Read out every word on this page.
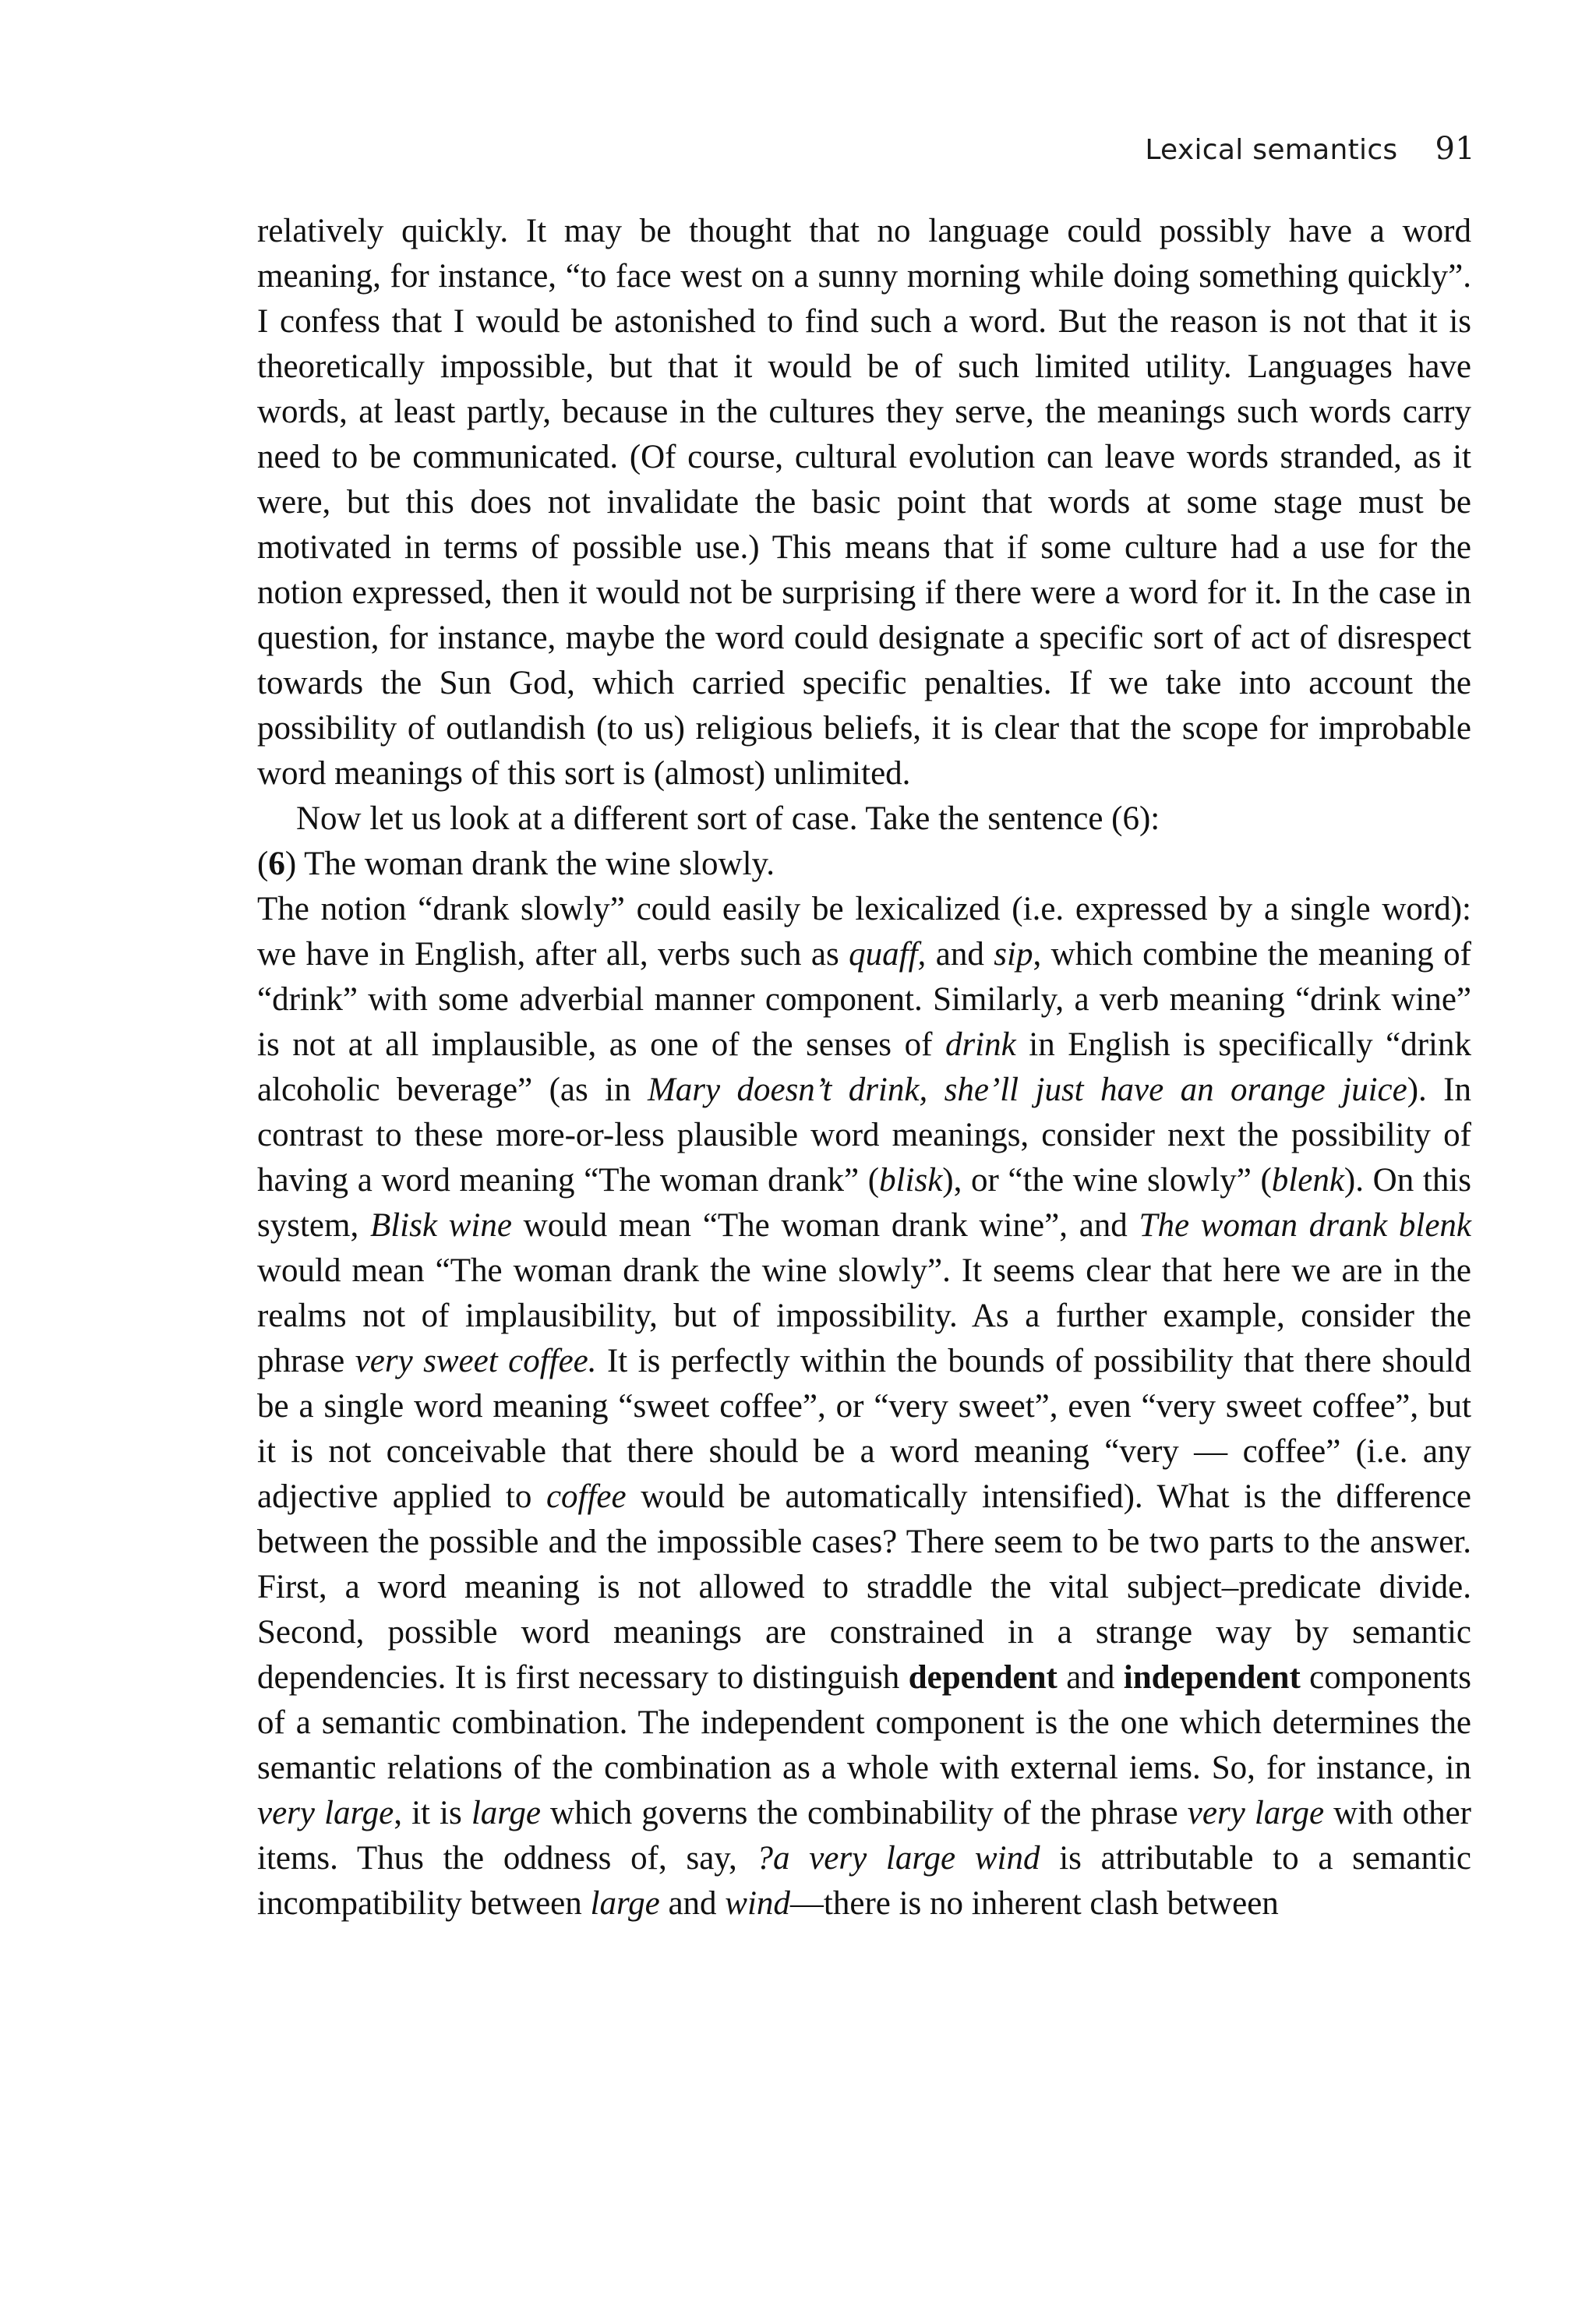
Lexical semantics 91

relatively quickly. It may be thought that no language could possibly have a word meaning, for instance, “to face west on a sunny morning while doing something quickly”. I confess that I would be astonished to find such a word. But the reason is not that it is theoretically impossible, but that it would be of such limited utility. Languages have words, at least partly, because in the cultures they serve, the meanings such words carry need to be communicated. (Of course, cultural evolution can leave words stranded, as it were, but this does not invalidate the basic point that words at some stage must be motivated in terms of possible use.) This means that if some culture had a use for the notion expressed, then it would not be surprising if there were a word for it. In the case in question, for instance, maybe the word could designate a specific sort of act of disrespect towards the Sun God, which carried specific penalties. If we take into account the possibility of outlandish (to us) religious beliefs, it is clear that the scope for improbable word meanings of this sort is (almost) unlimited.

Now let us look at a different sort of case. Take the sentence (6):

(6) The woman drank the wine slowly.

The notion “drank slowly” could easily be lexicalized (i.e. expressed by a single word): we have in English, after all, verbs such as quaff, and sip, which combine the meaning of “drink” with some adverbial manner component. Similarly, a verb meaning “drink wine” is not at all implausible, as one of the senses of drink in English is specifically “drink alcoholic beverage” (as in Mary doesn’t drink, she’ll just have an orange juice). In contrast to these more-or-less plausible word meanings, consider next the possibility of having a word meaning “The woman drank” (blisk), or “the wine slowly” (blenk). On this system, Blisk wine would mean “The woman drank wine”, and The woman drank blenk would mean “The woman drank the wine slowly”. It seems clear that here we are in the realms not of implausibility, but of impossibility. As a further example, consider the phrase very sweet coffee. It is perfectly within the bounds of possibility that there should be a single word meaning “sweet coffee”, or “very sweet”, even “very sweet coffee”, but it is not conceivable that there should be a word meaning “very — coffee” (i.e. any adjective applied to coffee would be automatically intensified). What is the difference between the possible and the impossible cases? There seem to be two parts to the answer. First, a word meaning is not allowed to straddle the vital subject–predicate divide. Second, possible word meanings are constrained in a strange way by semantic dependencies. It is first necessary to distinguish dependent and independent components of a semantic combination. The independent component is the one which determines the semantic relations of the combination as a whole with external iems. So, for instance, in very large, it is large which governs the combinability of the phrase very large with other items. Thus the oddness of, say, ?a very large wind is attributable to a semantic incompatibility between large and wind—there is no inherent clash between
